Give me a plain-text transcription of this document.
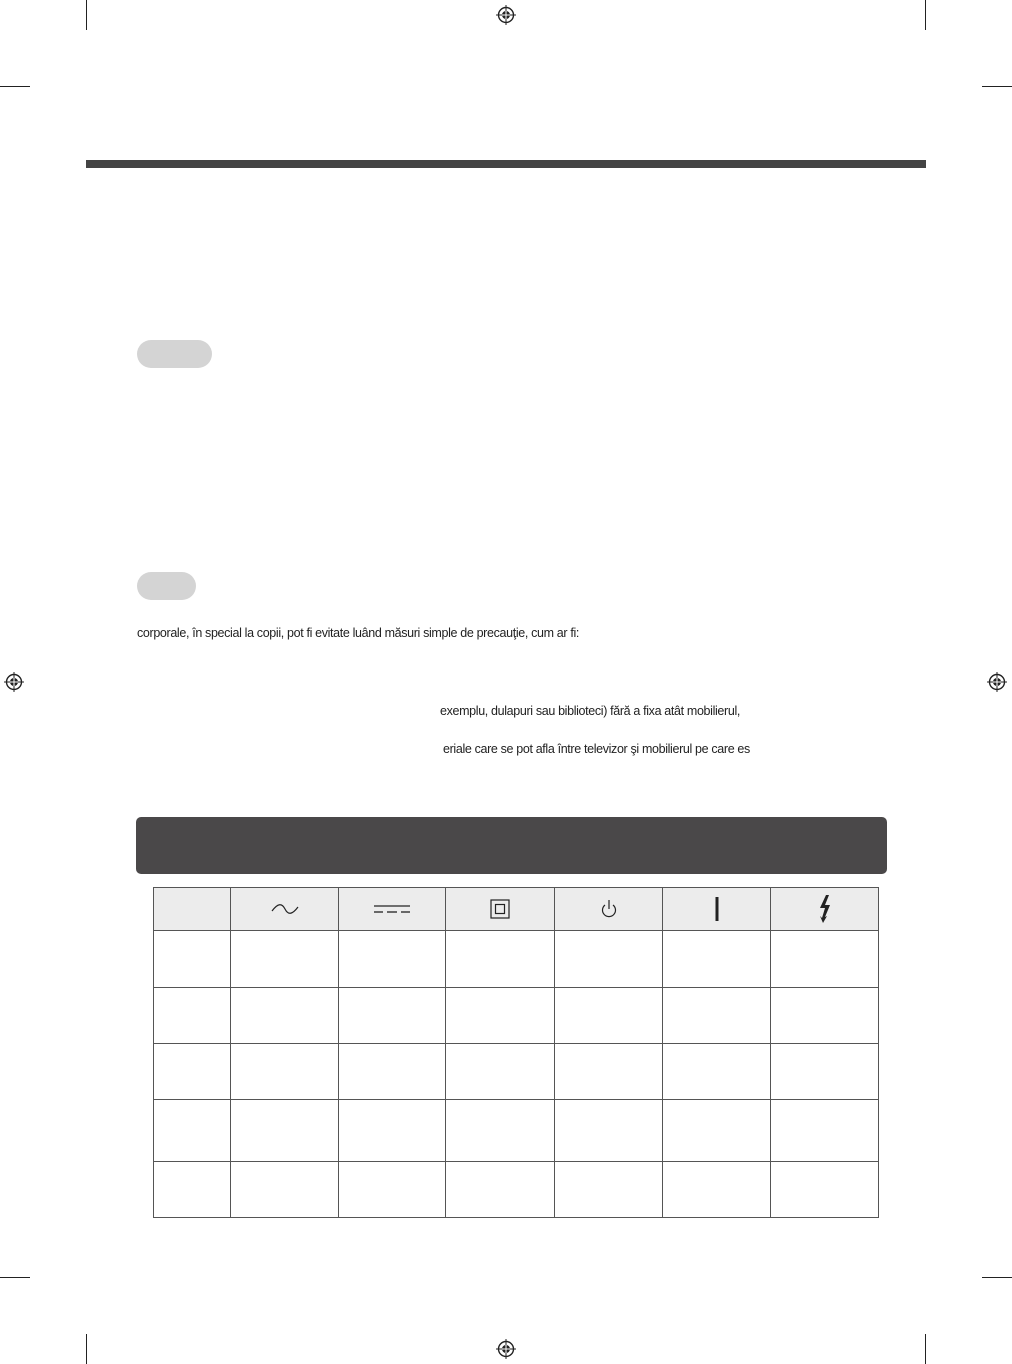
corporale, în special la copii, pot fi evitate luând măsuri simple de precauţie, cum ar fi:
exemplu, dulapuri sau biblioteci) fără a fixa atât mobilierul,
eriale care se pot afla între televizor şi mobilierul pe care es
